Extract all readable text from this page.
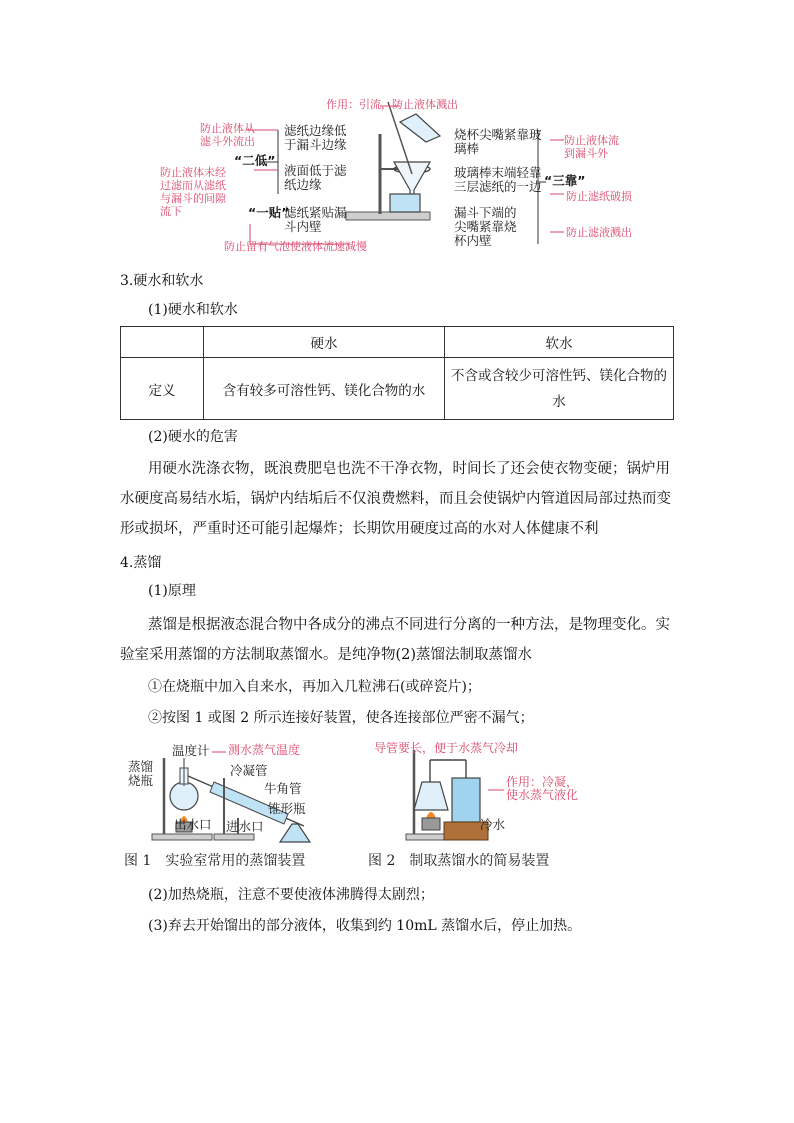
作用：引流，防止液体溅出
防止液体从
滤斗外流出
防止液体未经
过滤而从滤纸
与漏斗的间隙
流下
防止留有气泡使液体流速减慢
“二低”
“一贴”
滤纸边缘低
于漏斗边缘
液面低于滤
纸边缘
滤纸紧贴漏
斗内壁
烧杯尖嘴紧靠玻
璃棒
玻璃棒末端轻靠
三层滤纸的一边
漏斗下端的
尖嘴紧靠烧
杯内壁
“三靠”
防止液体流
到漏斗外
防止滤纸破损
防止滤液溅出
3.硬水和软水
(1)硬水和软水
	硬水	软水
定义	含有较多可溶性钙、镁化合物的水	不含或含较少可溶性钙、镁化合物的水
(2)硬水的危害
用硬水洗涤衣物，既浪费肥皂也洗不干净衣物，时间长了还会使衣物变硬；锅炉用水硬度高易结水垢，锅炉内结垢后不仅浪费燃料，而且会使锅炉内管道因局部过热而变形或损坏，严重时还可能引起爆炸；长期饮用硬度过高的水对人体健康不利
4.蒸馏
(1)原理
蒸馏是根据液态混合物中各成分的沸点不同进行分离的一种方法，是物理变化。实验室采用蒸馏的方法制取蒸馏水。是纯净物(2)蒸馏法制取蒸馏水
①在烧瓶中加入自来水，再加入几粒沸石(或碎瓷片)；
②按图 1 或图 2 所示连接好装置，使各连接部位严密不漏气；
蒸馏
烧瓶
温度计 测水蒸气温度
冷凝管
牛角管
锥形瓶
出水口 进水口
导管要长，便于水蒸气冷却
作用：冷凝，
使水蒸气液化
冷水
图 1　实验室常用的蒸馏装置	图 2　制取蒸馏水的简易装置
(2)加热烧瓶，注意不要使液体沸腾得太剧烈；
(3)弃去开始馏出的部分液体，收集到约 10mL 蒸馏水后，停止加热。
